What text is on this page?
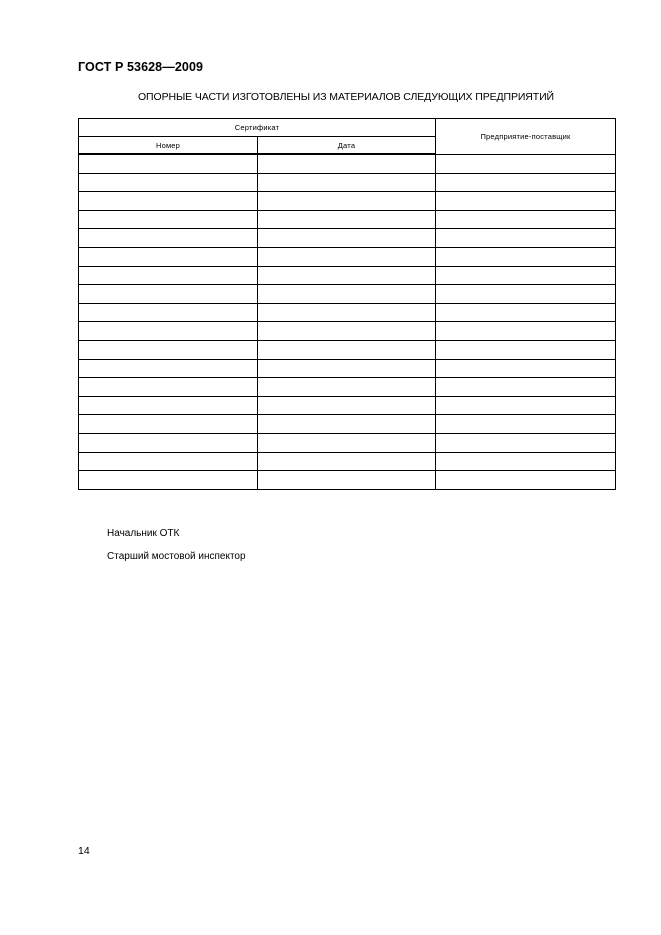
ГОСТ Р 53628—2009
ОПОРНЫЕ ЧАСТИ ИЗГОТОВЛЕНЫ ИЗ МАТЕРИАЛОВ СЛЕДУЮЩИХ ПРЕДПРИЯТИЙ
Сертификат		Предприятие-поставщик
Номер	Дата	

Начальник ОТК
Старший мостовой инспектор
14
